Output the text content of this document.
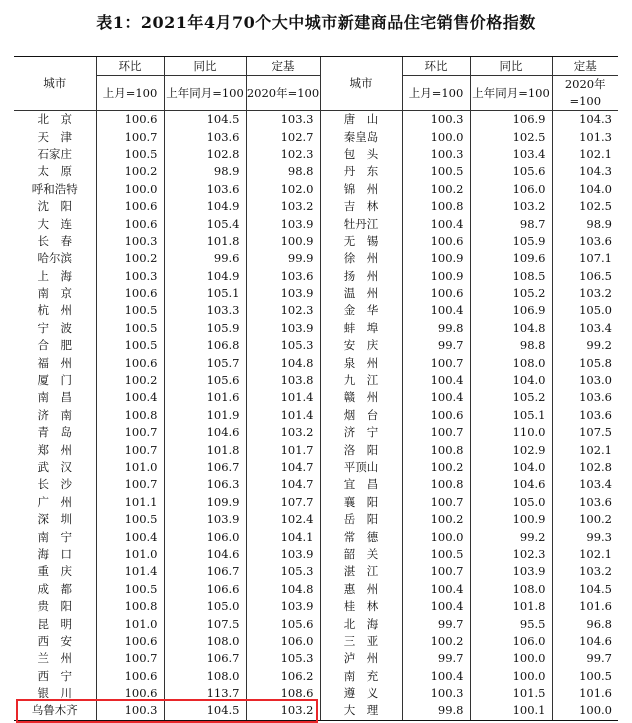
表1：2021年4月70个大中城市新建商品住宅销售价格指数
城市	环比	同比	定基	城市	环比	同比	定基
	上月=100	上年同月=100	2020年=100		上月=100	上年同月=100	2020年=100
北　京	100.6	104.5	103.3	唐　山	100.3	106.9	104.3
天　津	100.7	103.6	102.7	秦皇岛	100.0	102.5	101.3
石家庄	100.5	102.8	102.3	包　头	100.3	103.4	102.1
太　原	100.2	98.9	98.8	丹　东	100.5	105.6	104.3
呼和浩特	100.0	103.6	102.0	锦　州	100.2	106.0	104.0
沈　阳	100.6	104.9	103.2	吉　林	100.8	103.2	102.5
大　连	100.6	105.4	103.9	牡丹江	100.4	98.7	98.9
长　春	100.3	101.8	100.9	无　锡	100.6	105.9	103.6
哈尔滨	100.2	99.6	99.9	徐　州	100.9	109.6	107.1
上　海	100.3	104.9	103.6	扬　州	100.9	108.5	106.5
南　京	100.6	105.1	103.9	温　州	100.6	105.2	103.2
杭　州	100.5	103.3	102.3	金　华	100.4	106.9	105.0
宁　波	100.5	105.9	103.9	蚌　埠	99.8	104.8	103.4
合　肥	100.5	106.8	105.3	安　庆	99.7	98.8	99.2
福　州	100.6	105.7	104.8	泉　州	100.7	108.0	105.8
厦　门	100.2	105.6	103.8	九　江	100.4	104.0	103.0
南　昌	100.4	101.6	101.4	赣　州	100.4	105.2	103.6
济　南	100.8	101.9	101.4	烟　台	100.6	105.1	103.6
青　岛	100.7	104.6	103.2	济　宁	100.7	110.0	107.5
郑　州	100.7	101.8	101.7	洛　阳	100.8	102.9	102.1
武　汉	101.0	106.7	104.7	平顶山	100.2	104.0	102.8
长　沙	100.7	106.3	104.7	宜　昌	100.8	104.6	103.4
广　州	101.1	109.9	107.7	襄　阳	100.7	105.0	103.6
深　圳	100.5	103.9	102.4	岳　阳	100.2	100.9	100.2
南　宁	100.4	106.0	104.1	常　德	100.0	99.2	99.3
海　口	101.0	104.6	103.9	韶　关	100.5	102.3	102.1
重　庆	101.4	106.7	105.3	湛　江	100.7	103.9	103.2
成　都	100.5	106.6	104.8	惠　州	100.4	108.0	104.5
贵　阳	100.8	105.0	103.9	桂　林	100.4	101.8	101.6
昆　明	101.0	107.5	105.6	北　海	99.7	95.5	96.8
西　安	100.6	108.0	106.0	三　亚	100.2	106.0	104.6
兰　州	100.7	106.7	105.3	泸　州	99.7	100.0	99.7
西　宁	100.6	108.0	106.2	南　充	100.4	100.0	100.5
银　川	100.6	113.7	108.6	遵　义	100.3	101.5	101.6
乌鲁木齐	100.3	104.5	103.2	大　理	99.8	100.1	100.0
